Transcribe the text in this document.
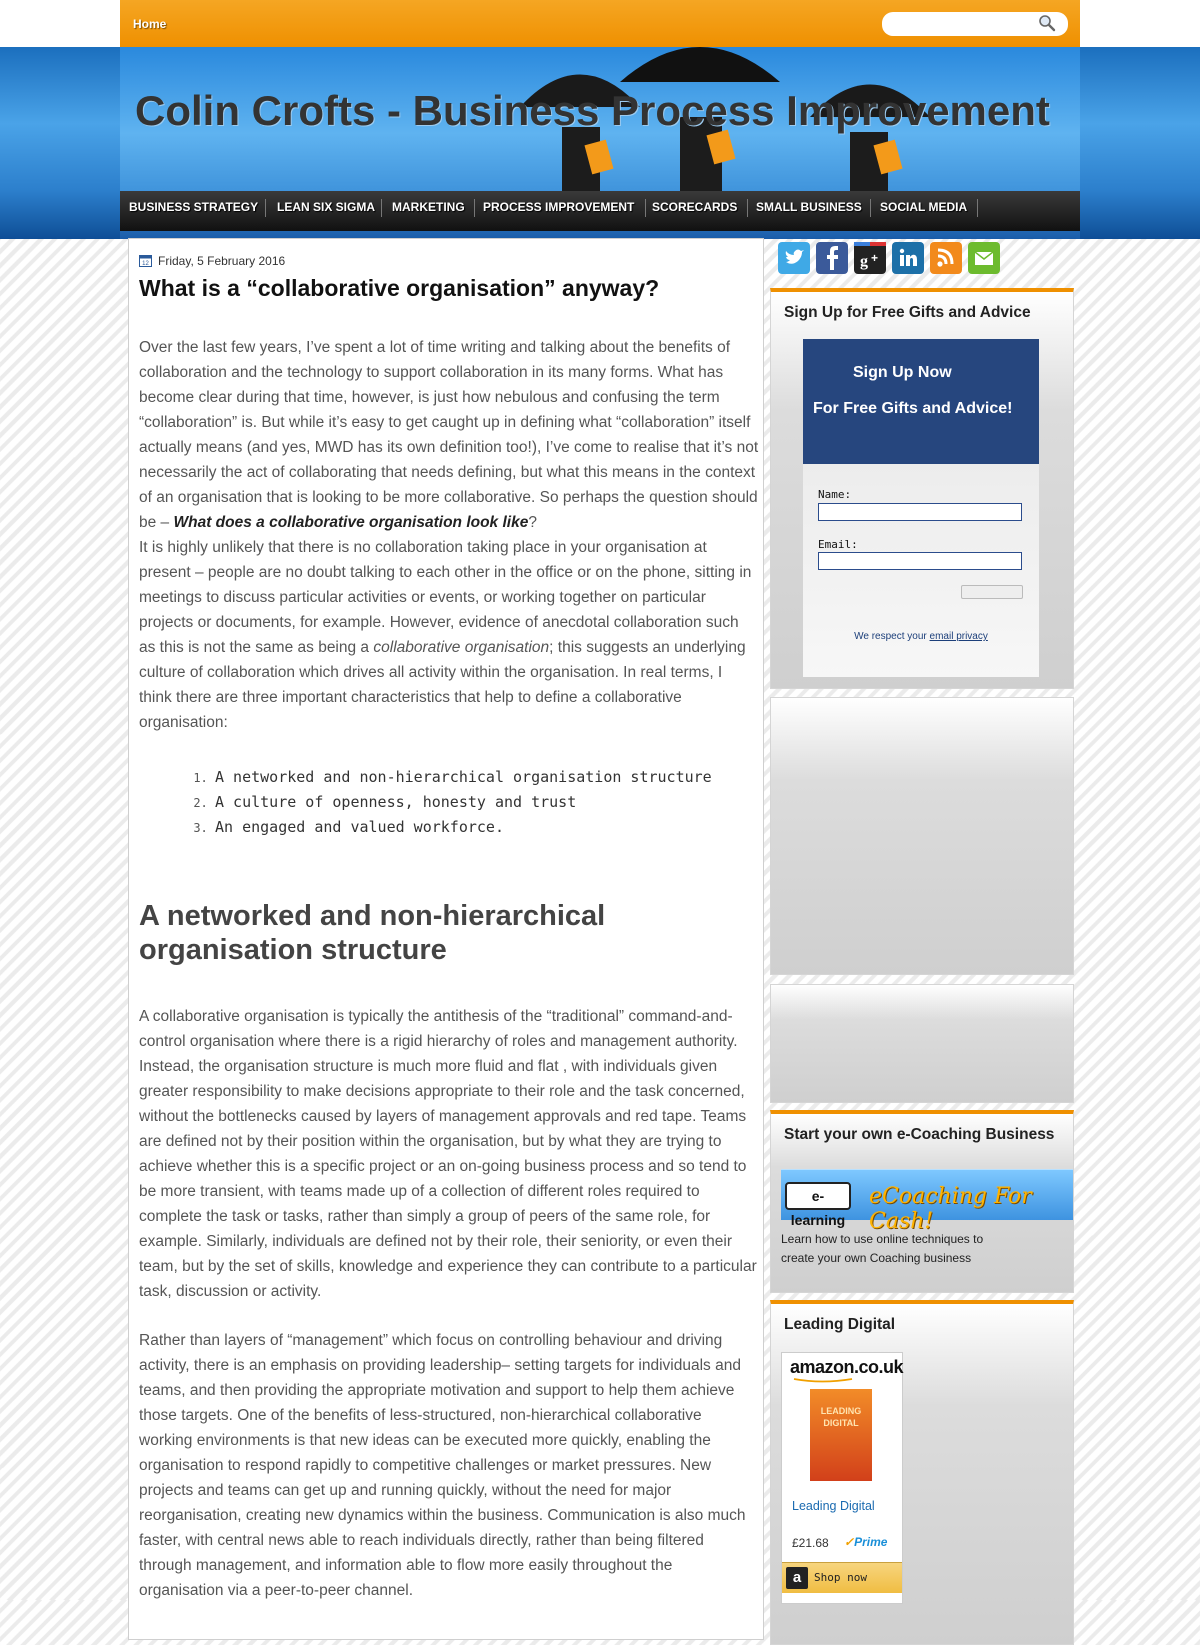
Home
Colin Crofts - Business Process Improvement
BUSINESS STRATEGY LEAN SIX SIGMA MARKETING PROCESS IMPROVEMENT SCORECARDS SMALL BUSINESS SOCIAL MEDIA
12 Friday, 5 February 2016
What is a “collaborative organisation” anyway?

Over the last few years, I’ve spent a lot of time writing and talking about the benefits of collaboration and the technology to support collaboration in its many forms. What has become clear during that time, however, is just how nebulous and confusing the term “collaboration” is. But while it’s easy to get caught up in defining what “collaboration” itself actually means (and yes, MWD has its own definition too!), I’ve come to realise that it’s not necessarily the act of collaborating that needs defining, but what this means in the context of an organisation that is looking to be more collaborative. So perhaps the question should be – What does a collaborative organisation look like?
It is highly unlikely that there is no collaboration taking place in your organisation at present – people are no doubt talking to each other in the office or on the phone, sitting in meetings to discuss particular activities or events, or working together on particular projects or documents, for example. However, evidence of anecdotal collaboration such as this is not the same as being a collaborative organisation; this suggests an underlying culture of collaboration which drives all activity within the organisation. In real terms, I think there are three important characteristics that help to define a collaborative organisation:

1. A networked and non-hierarchical organisation structure
2. A culture of openness, honesty and trust
3. An engaged and valued workforce.
A networked and non-hierarchical organisation structure

A collaborative organisation is typically the antithesis of the “traditional” command-and-control organisation where there is a rigid hierarchy of roles and management authority. Instead, the organisation structure is much more fluid and flat , with individuals given greater responsibility to make decisions appropriate to their role and the task concerned, without the bottlenecks caused by layers of management approvals and red tape. Teams are defined not by their position within the organisation, but by what they are trying to achieve whether this is a specific project or an on-going business process and so tend to be more transient, with teams made up of a collection of different roles required to complete the task or tasks, rather than simply a group of peers of the same role, for example. Similarly, individuals are defined not by their role, their seniority, or even their team, but by the set of skills, knowledge and experience they can contribute to a particular task, discussion or activity.

Rather than layers of “management” which focus on controlling behaviour and driving activity, there is an emphasis on providing leadership– setting targets for individuals and teams, and then providing the appropriate motivation and support to help them achieve those targets. One of the benefits of less-structured, non-hierarchical collaborative working environments is that new ideas can be executed more quickly, enabling the organisation to respond rapidly to competitive challenges or market pressures. New projects and teams can get up and running quickly, without the need for major reorganisation, creating new dynamics within the business. Communication is also much faster, with central news able to reach individuals directly, rather than being filtered through management, and information able to flow more easily throughout the organisation via a peer-to-peer channel.

g +
Sign Up for Free Gifts and Advice
Sign Up Now
For Free Gifts and Advice!
Name:
Email:
We respect your email privacy
Start your own e-Coaching Business
e-learning
eCoaching For Cash!
Learn how to use online techniques to create your own Coaching business
Leading Digital
amazon.co.uk
LEADING DIGITAL
Leading Digital
£21.68 ✓Prime
a	Shop now
